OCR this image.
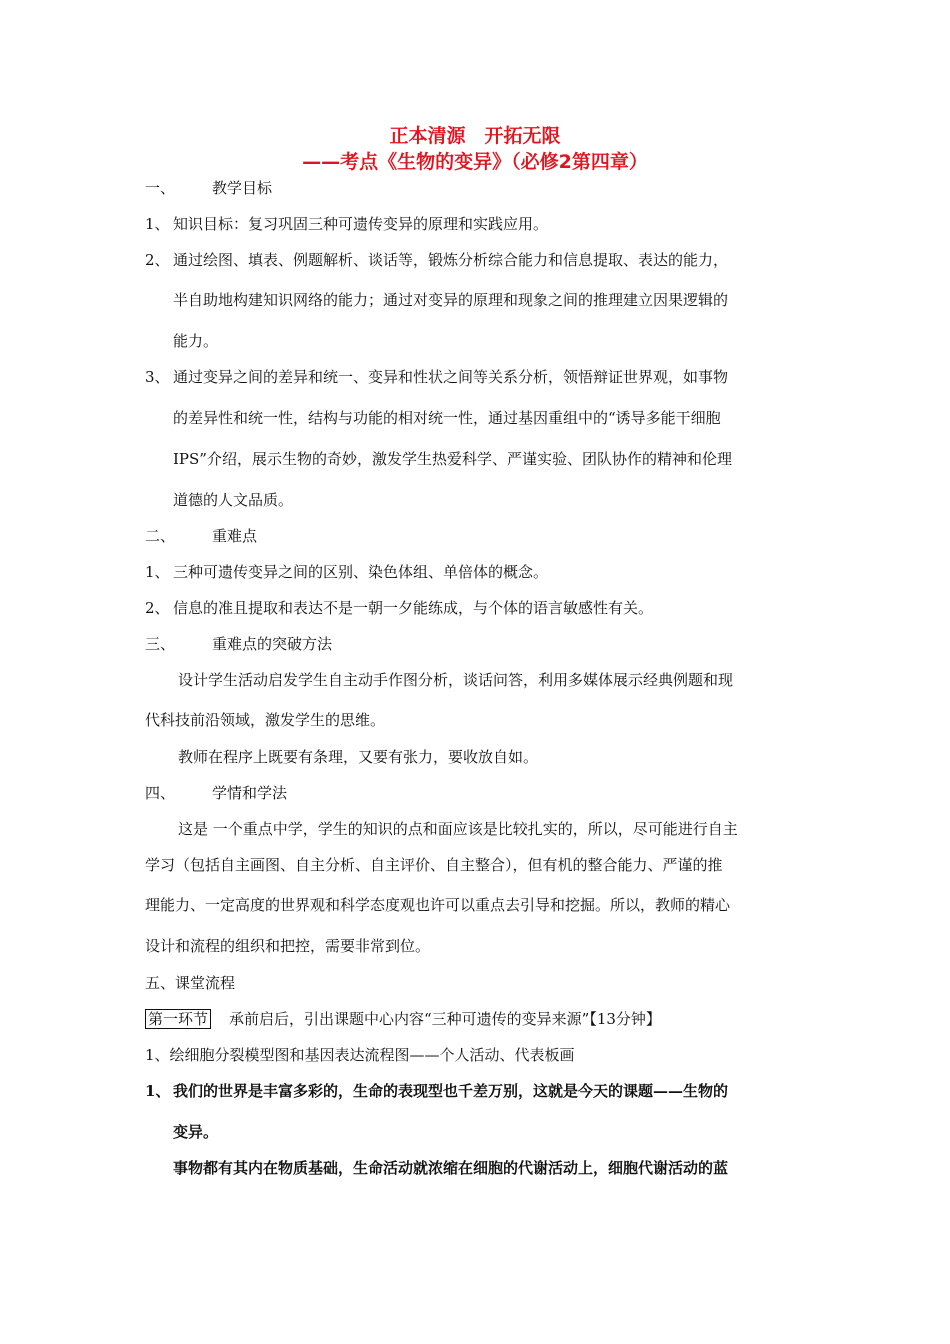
正本清源　开拓无限
——考点《生物的变异》（必修2第四章）
一、 教学目标
1、 知识目标：复习巩固三种可遗传变异的原理和实践应用。
2、 通过绘图、填表、例题解析、谈话等，锻炼分析综合能力和信息提取、表达的能力，
半自助地构建知识网络的能力；通过对变异的原理和现象之间的推理建立因果逻辑的
能力。
3、 通过变异之间的差异和统一、变异和性状之间等关系分析，领悟辩证世界观，如事物
的差异性和统一性，结构与功能的相对统一性，通过基因重组中的“诱导多能干细胞
IPS”介绍，展示生物的奇妙，激发学生热爱科学、严谨实验、团队协作的精神和伦理
道德的人文品质。
二、 重难点
1、 三种可遗传变异之间的区别、染色体组、单倍体的概念。
2、 信息的准且提取和表达不是一朝一夕能练成，与个体的语言敏感性有关。
三、 重难点的突破方法
设计学生活动启发学生自主动手作图分析，谈话问答，利用多媒体展示经典例题和现
代科技前沿领域，激发学生的思维。
教师在程序上既要有条理，又要有张力，要收放自如。
四、 学情和学法
这是 一个重点中学，学生的知识的点和面应该是比较扎实的，所以，尽可能进行自主
学习（包括自主画图、自主分析、自主评价、自主整合），但有机的整合能力、严谨的推
理能力、一定高度的世界观和科学态度观也许可以重点去引导和挖掘。所以，教师的精心
设计和流程的组织和把控，需要非常到位。
五、课堂流程
第一环节 承前启后，引出课题中心内容“三种可遗传的变异来源”【13分钟】
1、绘细胞分裂模型图和基因表达流程图——个人活动、代表板画
1、 我们的世界是丰富多彩的，生命的表现型也千差万别，这就是今天的课题——生物的
变异。
事物都有其内在物质基础，生命活动就浓缩在细胞的代谢活动上，细胞代谢活动的蓝
